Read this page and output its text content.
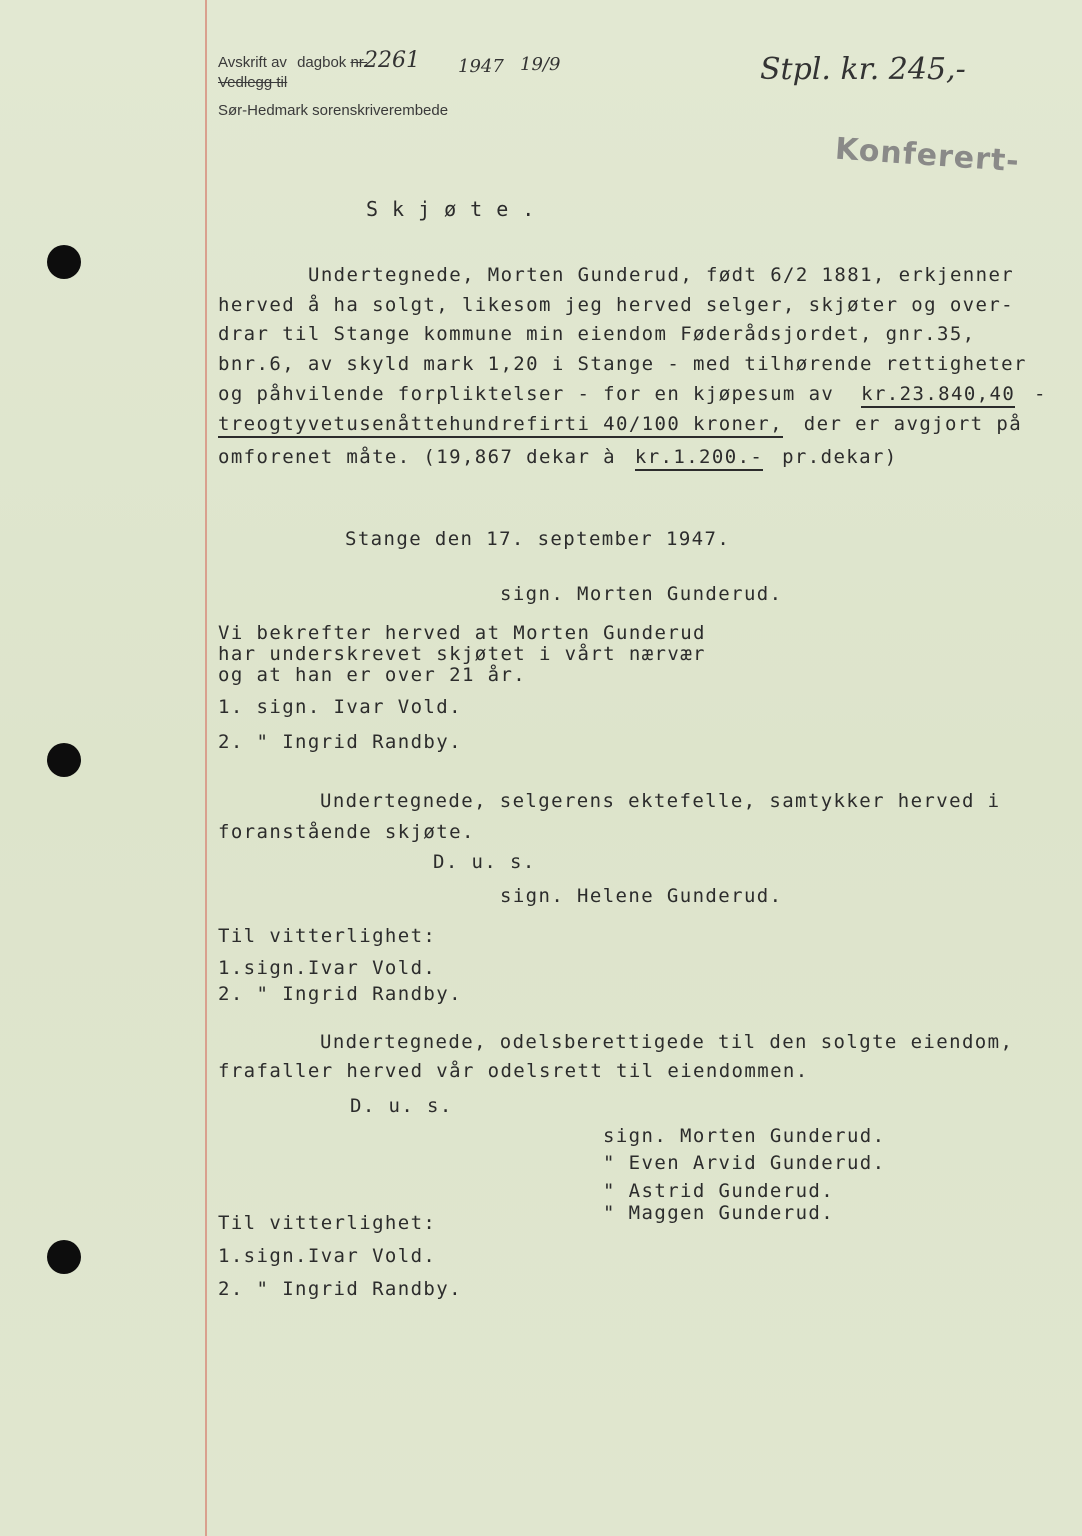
Avskrift av dagbok nr.
Vedlegg til
Sør-Hedmark sorenskriverembede
2261 1947 19/9	Stpl. kr. 245,-
Konferert-
Skjøte.
Undertegnede, Morten Gunderud, født 6/2 1881, erkjenner
herved å ha solgt, likesom jeg herved selger, skjøter og over-
drar til Stange kommune min eiendom Føderådsjordet, gnr.35,
bnr.6, av skyld mark 1,20 i Stange - med tilhørende rettigheter
og påhvilende forpliktelser - for en kjøpesum av kr.23.840,40 -
treogtyvetusenåttehundrefirti 40/100 kroner, der er avgjort på
omforenet måte. (19,867 dekar à kr.1.200.- pr.dekar)
Stange den 17. september 1947.
sign. Morten Gunderud.
Vi bekrefter herved at Morten Gunderud
har underskrevet skjøtet i vårt nærvær
og at han er over 21 år.
1. sign. Ivar Vold.
2. " Ingrid Randby.
Undertegnede, selgerens ektefelle, samtykker herved i
foranstående skjøte.
D. u. s.
sign. Helene Gunderud.
Til vitterlighet:
1.sign.Ivar Vold.
2. " Ingrid Randby.
Undertegnede, odelsberettigede til den solgte eiendom,
frafaller herved vår odelsrett til eiendommen.
D. u. s.
sign. Morten Gunderud.
" Even Arvid Gunderud.
" Astrid Gunderud.
" Maggen Gunderud.
Til vitterlighet:
1.sign.Ivar Vold.
2. " Ingrid Randby.
